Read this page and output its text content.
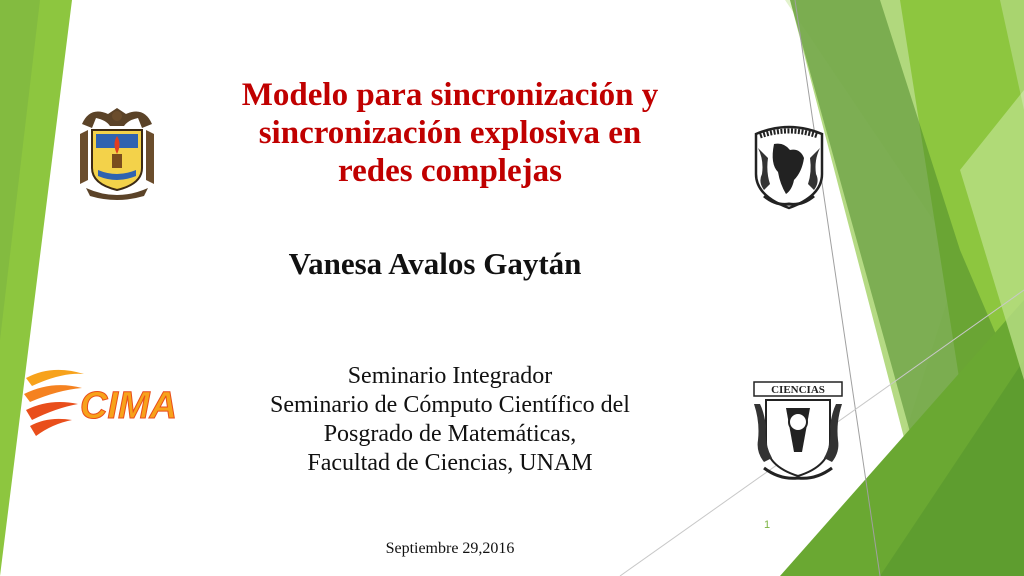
CIMA	CIENCIAS
Modelo para sincronización y
sincronización explosiva en
redes complejas
Vanesa Avalos Gaytán
Seminario Integrador
Seminario de Cómputo Científico del
Posgrado de Matemáticas,
Facultad de Ciencias, UNAM
Septiembre 29,2016
1
